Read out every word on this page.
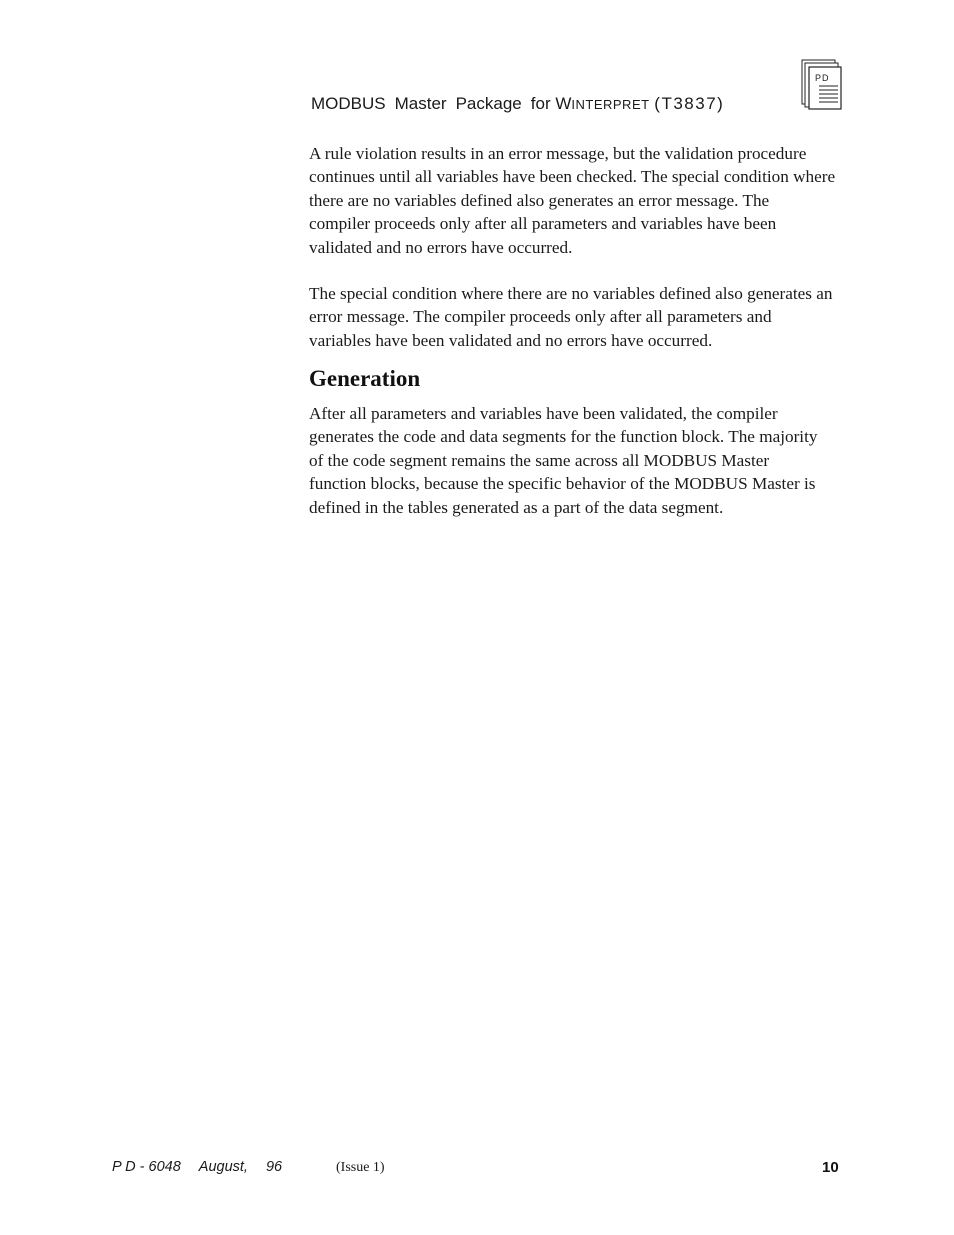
MODBUS Master Package for WINTERPRET (T3837)
PD

A rule violation results in an error message, but the validation procedure
continues until all variables have been checked. The special condition where
there are no variables defined also generates an error message. The
compiler proceeds only after all parameters and variables have been
validated and no errors have occurred.

The special condition where there are no variables defined also generates an
error message. The compiler proceeds only after all parameters and
variables have been validated and no errors have occurred.

Generation

After all parameters and variables have been validated, the compiler
generates the code and data segments for the function block. The majority
of the code segment remains the same across all MODBUS Master
function blocks, because the specific behavior of the MODBUS Master is
defined in the tables generated as a part of the data segment.

P D - 6048 August, 96	(Issue 1)	10
